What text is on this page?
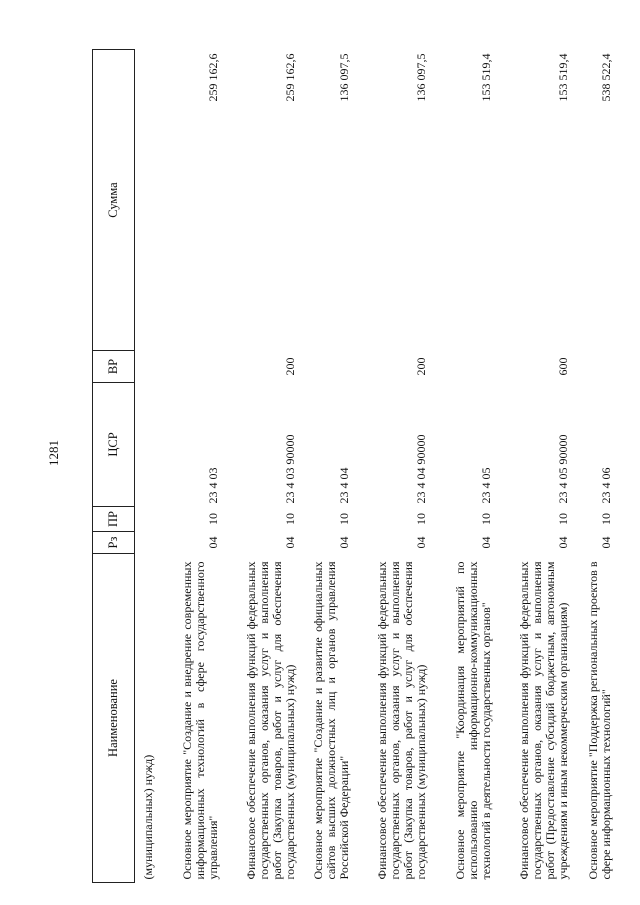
1281
Наименование	Рз	ПР	ЦСР	ВР	Сумма
(муниципальных) нужд)					
Основное мероприятие "Создание и внедрение современных информационных технологий в сфере государственного управления"	04	10	23 4 03		259 162,6
Финансовое обеспечение выполнения функций федеральных государственных органов, оказания услуг и выполнения работ (Закупка товаров, работ и услуг для обеспечения государственных (муниципальных) нужд)	04	10	23 4 03 90000	200	259 162,6
Основное мероприятие "Создание и развитие официальных сайтов высших должностных лиц и органов управления Российской Федерации"	04	10	23 4 04		136 097,5
Финансовое обеспечение выполнения функций федеральных государственных органов, оказания услуг и выполнения работ (Закупка товаров, работ и услуг для обеспечения государственных (муниципальных) нужд)	04	10	23 4 04 90000	200	136 097,5
Основное мероприятие "Координация мероприятий по использованию информационно-коммуникационных технологий в деятельности государственных органов"	04	10	23 4 05		153 519,4
Финансовое обеспечение выполнения функций федеральных государственных органов, оказания услуг и выполнения работ (Предоставление субсидий бюджетным, автономным учреждениям и иным некоммерческим организациям)	04	10	23 4 05 90000	600	153 519,4
Основное мероприятие "Поддержка региональных проектов в сфере информационных технологий"	04	10	23 4 06		538 522,4
